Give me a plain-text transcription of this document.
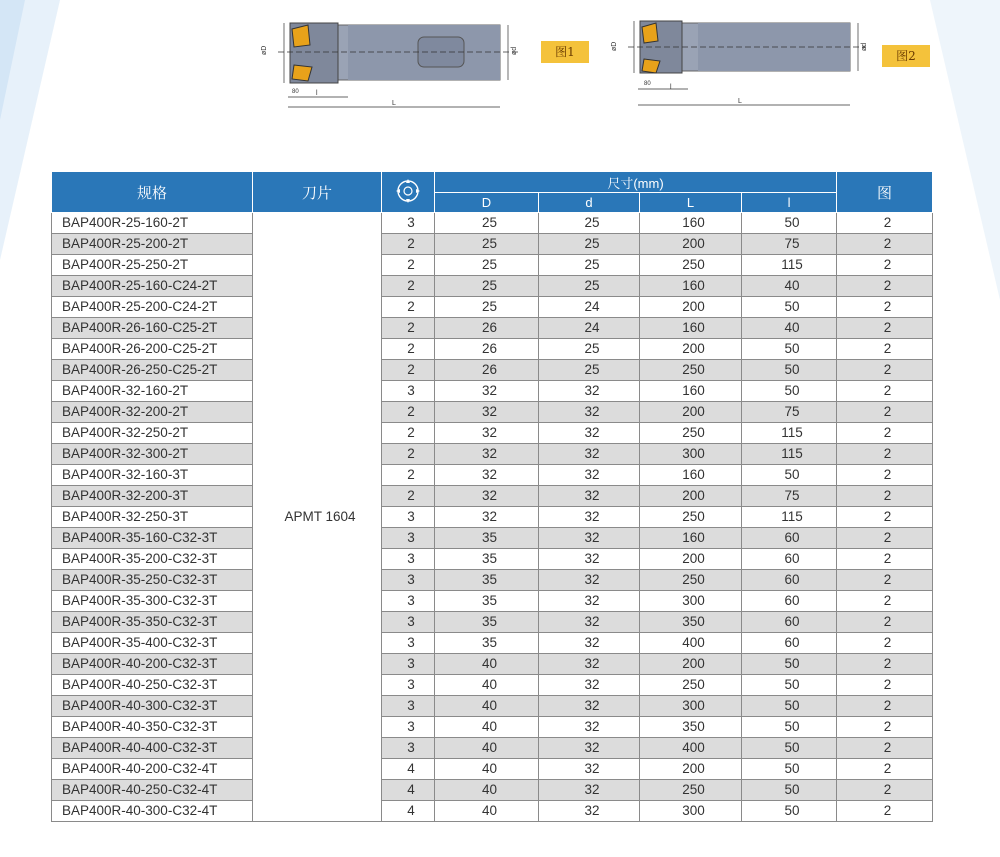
øD	ød
80 l
L
图1	øD	ød
80	l
L
图2
规格	刀片		尺寸(mm)				图
			D	d	L	l	
BAP400R-25-160-2T	APMT 1604	3	25	25	160	50	2
BAP400R-25-200-2T		2	25	25	200	75	2
BAP400R-25-250-2T		2	25	25	250	115	2
BAP400R-25-160-C24-2T		2	25	25	160	40	2
BAP400R-25-200-C24-2T		2	25	24	200	50	2
BAP400R-26-160-C25-2T		2	26	24	160	40	2
BAP400R-26-200-C25-2T		2	26	25	200	50	2
BAP400R-26-250-C25-2T		2	26	25	250	50	2
BAP400R-32-160-2T		3	32	32	160	50	2
BAP400R-32-200-2T		2	32	32	200	75	2
BAP400R-32-250-2T		2	32	32	250	115	2
BAP400R-32-300-2T		2	32	32	300	115	2
BAP400R-32-160-3T		2	32	32	160	50	2
BAP400R-32-200-3T		2	32	32	200	75	2
BAP400R-32-250-3T		3	32	32	250	115	2
BAP400R-35-160-C32-3T		3	35	32	160	60	2
BAP400R-35-200-C32-3T		3	35	32	200	60	2
BAP400R-35-250-C32-3T		3	35	32	250	60	2
BAP400R-35-300-C32-3T		3	35	32	300	60	2
BAP400R-35-350-C32-3T		3	35	32	350	60	2
BAP400R-35-400-C32-3T		3	35	32	400	60	2
BAP400R-40-200-C32-3T		3	40	32	200	50	2
BAP400R-40-250-C32-3T		3	40	32	250	50	2
BAP400R-40-300-C32-3T		3	40	32	300	50	2
BAP400R-40-350-C32-3T		3	40	32	350	50	2
BAP400R-40-400-C32-3T		3	40	32	400	50	2
BAP400R-40-200-C32-4T		4	40	32	200	50	2
BAP400R-40-250-C32-4T		4	40	32	250	50	2
BAP400R-40-300-C32-4T		4	40	32	300	50	2
